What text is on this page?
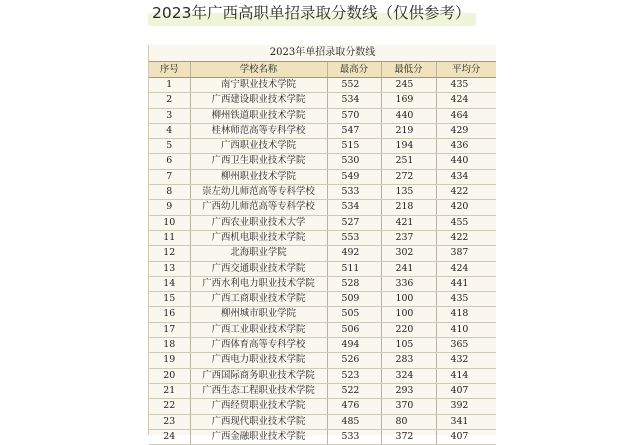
2023年广西高职单招录取分数线（仅供参考）
2023年单招录取分数线
序号	学校名称	最高分	最低分	平均分
1	南宁职业技术学院	552	245	435
2	广西建设职业技术学院	534	169	424
3	柳州铁道职业技术学院	570	440	464
4	桂林师范高等专科学校	547	219	429
5	广西职业技术学院	515	194	436
6	广西卫生职业技术学院	530	251	440
7	柳州职业技术学院	549	272	434
8	崇左幼儿师范高等专科学校	533	135	422
9	广西幼儿师范高等专科学校	534	218	420
10	广西农业职业技术大学	527	421	455
11	广西机电职业技术学院	553	237	422
12	北海职业学院	492	302	387
13	广西交通职业技术学院	511	241	424
14	广西水利电力职业技术学院	528	336	441
15	广西工商职业技术学院	509	100	435
16	柳州城市职业学院	505	100	418
17	广西工业职业技术学院	506	220	410
18	广西体育高等专科学校	494	105	365
19	广西电力职业技术学院	526	283	432
20	广西国际商务职业技术学院	523	324	414
21	广西生态工程职业技术学院	522	293	407
22	广西经贸职业技术学院	476	370	392
23	广西现代职业技术学院	485	80	341
24	广西金融职业技术学院	533	372	407
